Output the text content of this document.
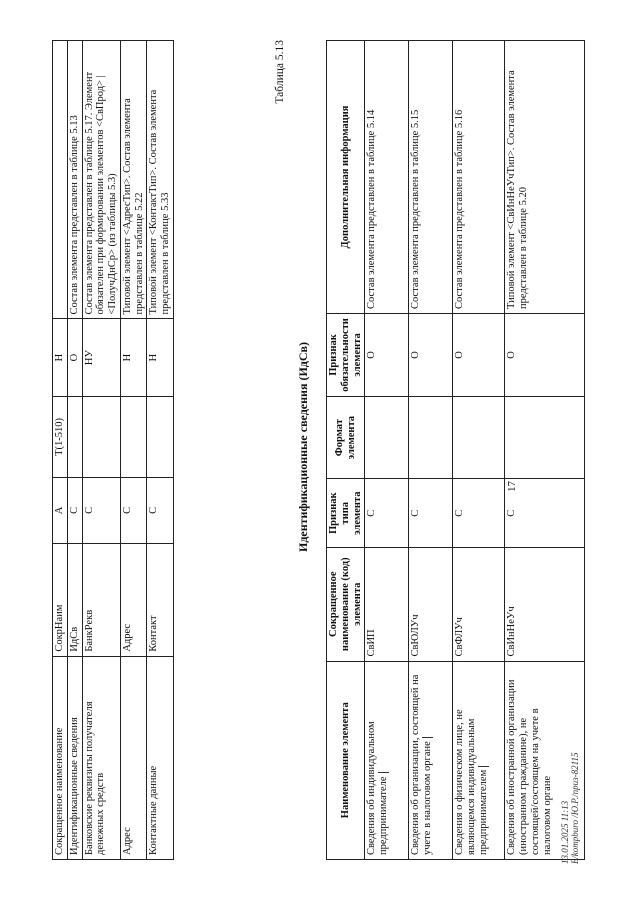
Сокращенное наименование	СокрНаим	А	T(1-510)	Н	
Идентификационные сведения	ИдСв	С		О	Состав элемента представлен в таблице 5.13
Банковские реквизиты получателя денежных средств	БанкРекв	С		НУ	Состав элемента представлен в таблице 5.17. Элемент обязателен при формировании элементов <СвПрод> | <ПолучДнСр> (из таблицы 5.3)
Адрес	Адрес	С		Н	Типовой элемент <АдресТип>. Состав элемента представлен в таблице 5.22
Контактные данные	Контакт	С		Н	Типовой элемент <КонтактТип>. Состав элемента представлен в таблице 5.33
17
Таблица 5.13
Идентификационные сведения (ИдСв)
Наименование элемента	Сокращенное наименование (код) элемента	Признак типа элемента	Формат элемента	Признак обязательности элемента	Дополнительная информация
Сведения об индивидуальном предпринимателе	СвИП	С		О	Состав элемента представлен в таблице 5.14
Сведения об организации, состоящей на учете в налоговом органе	СвЮЛУч	С		О	Состав элемента представлен в таблице 5.15
Сведения о физическом лице, не являющемся индивидуальным предпринимателем	СвФЛУч	С		О	Состав элемента представлен в таблице 5.16
Сведения об иностранной организации (иностранном гражданине), не состоящей/состоящем на учете в налоговом органе	СвИнНеУч	С		О	Типовой элемент <СвИнНеУчТип>. Состав элемента представлен в таблице 5.20
13.01.2025 11:13 Б/kompburo /Ю.Р./приз-82115
